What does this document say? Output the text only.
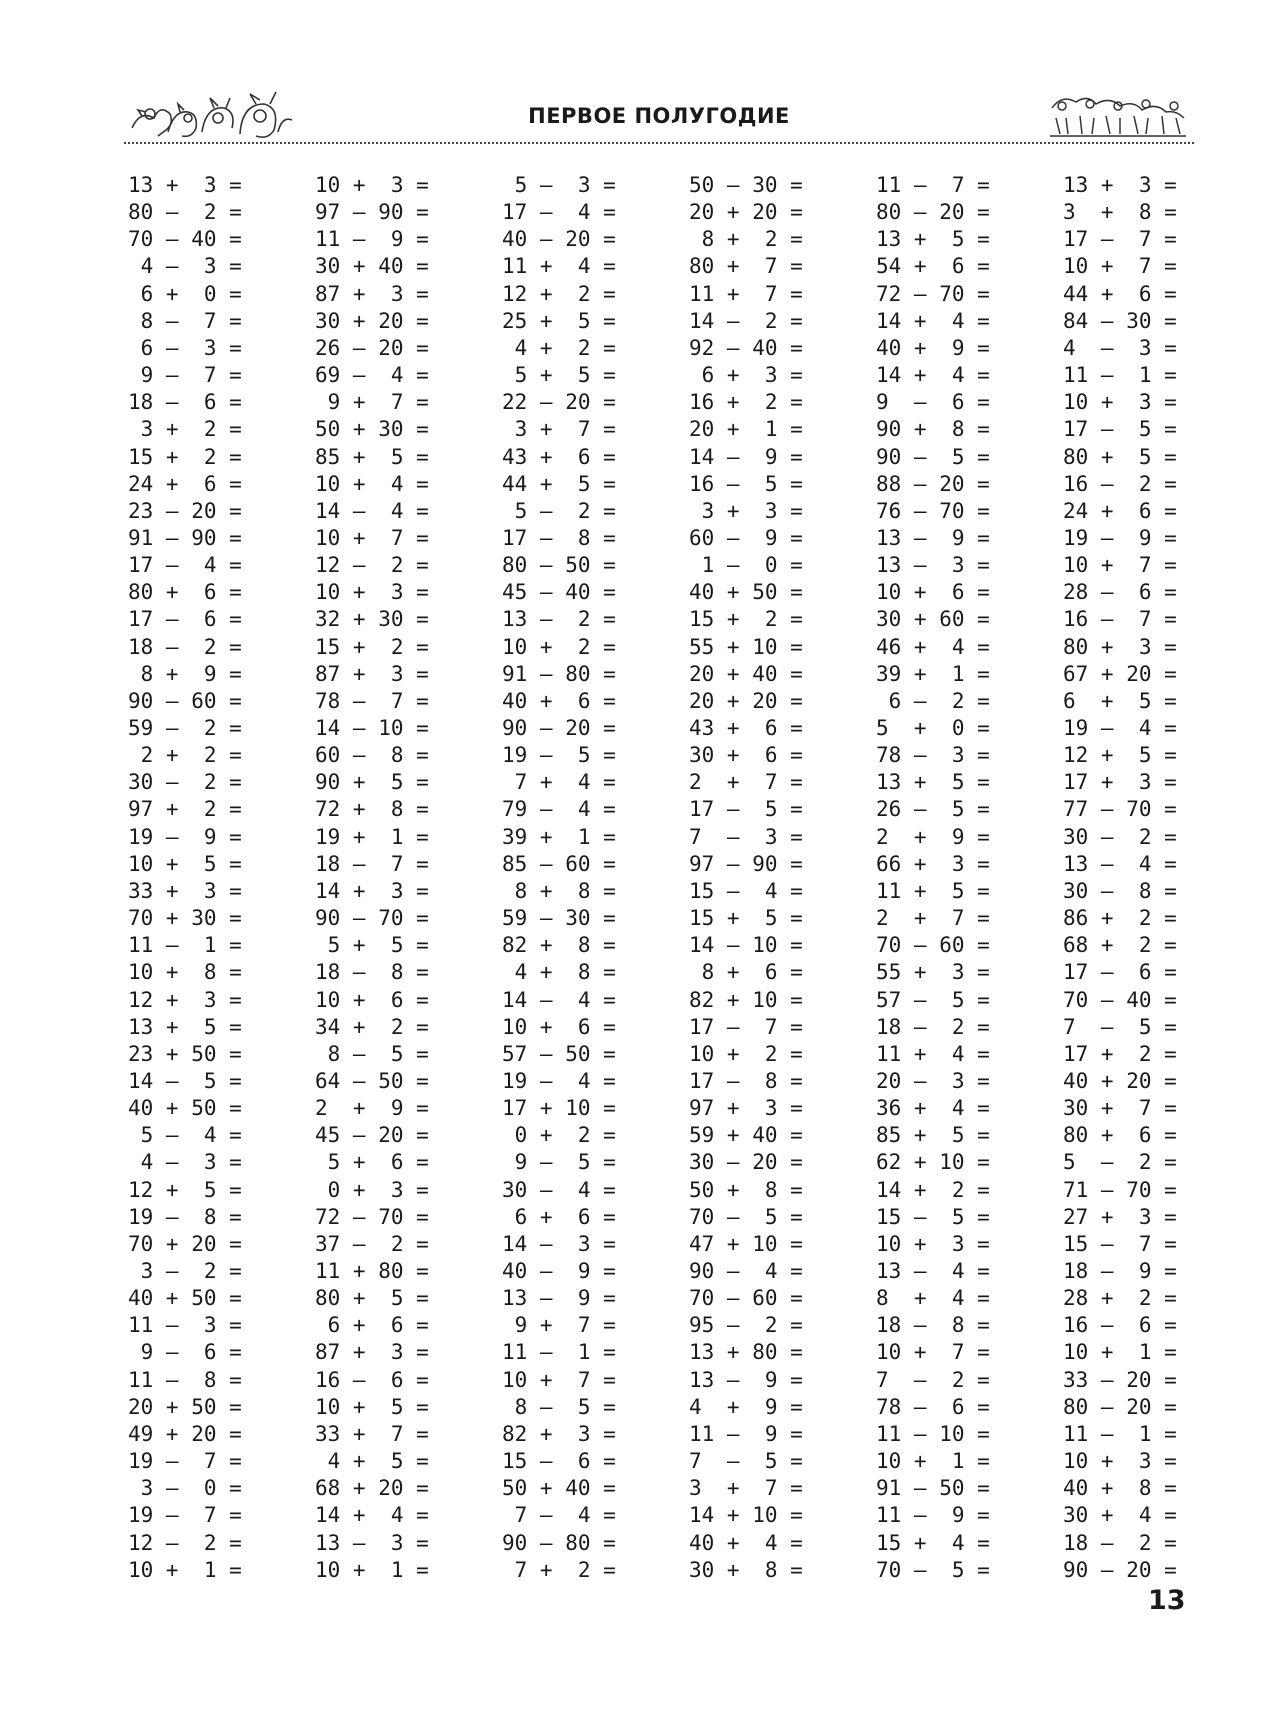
ПЕРВОЕ ПОЛУГОДИЕ
13 +  3 =
80 –  2 =
70 – 40 =
4 –  3 =
6 +  0 =
8 –  7 =
6 –  3 =
9 –  7 =
18 –  6 =
3 +  2 =
15 +  2 =
24 +  6 =
23 – 20 =
91 – 90 =
17 –  4 =
80 +  6 =
17 –  6 =
18 –  2 =
8 +  9 =
90 – 60 =
59 –  2 =
2 +  2 =
30 –  2 =
97 +  2 =
19 –  9 =
10 +  5 =
33 +  3 =
70 + 30 =
11 –  1 =
10 +  8 =
12 +  3 =
13 +  5 =
23 + 50 =
14 –  5 =
40 + 50 =
5 –  4 =
4 –  3 =
12 +  5 =
19 –  8 =
70 + 20 =
3 –  2 =
40 + 50 =
11 –  3 =
9 –  6 =
11 –  8 =
20 + 50 =
49 + 20 =
19 –  7 =
3 –  0 =
19 –  7 =
12 –  2 =
10 +  1 =
10 +  3 =
97 – 90 =
11 –  9 =
30 + 40 =
87 +  3 =
30 + 20 =
26 – 20 =
69 –  4 =
9 +  7 =
50 + 30 =
85 +  5 =
10 +  4 =
14 –  4 =
10 +  7 =
12 –  2 =
10 +  3 =
32 + 30 =
15 +  2 =
87 +  3 =
78 –  7 =
14 – 10 =
60 –  8 =
90 +  5 =
72 +  8 =
19 +  1 =
18 –  7 =
14 +  3 =
90 – 70 =
5 +  5 =
18 –  8 =
10 +  6 =
34 +  2 =
8 –  5 =
64 – 50 =
2  +  9 =
45 – 20 =
5 +  6 =
0 +  3 =
72 – 70 =
37 –  2 =
11 + 80 =
80 +  5 =
6 +  6 =
87 +  3 =
16 –  6 =
10 +  5 =
33 +  7 =
4 +  5 =
68 + 20 =
14 +  4 =
13 –  3 =
10 +  1 =
5 –  3 =
17 –  4 =
40 – 20 =
11 +  4 =
12 +  2 =
25 +  5 =
4 +  2 =
5 +  5 =
22 – 20 =
3 +  7 =
43 +  6 =
44 +  5 =
5 –  2 =
17 –  8 =
80 – 50 =
45 – 40 =
13 –  2 =
10 +  2 =
91 – 80 =
40 +  6 =
90 – 20 =
19 –  5 =
7 +  4 =
79 –  4 =
39 +  1 =
85 – 60 =
8 +  8 =
59 – 30 =
82 +  8 =
4 +  8 =
14 –  4 =
10 +  6 =
57 – 50 =
19 –  4 =
17 + 10 =
0 +  2 =
9 –  5 =
30 –  4 =
6 +  6 =
14 –  3 =
40 –  9 =
13 –  9 =
9 +  7 =
11 –  1 =
10 +  7 =
8 –  5 =
82 +  3 =
15 –  6 =
50 + 40 =
7 –  4 =
90 – 80 =
7 +  2 =
50 – 30 =
20 + 20 =
8 +  2 =
80 +  7 =
11 +  7 =
14 –  2 =
92 – 40 =
6 +  3 =
16 +  2 =
20 +  1 =
14 –  9 =
16 –  5 =
3 +  3 =
60 –  9 =
1 –  0 =
40 + 50 =
15 +  2 =
55 + 10 =
20 + 40 =
20 + 20 =
43 +  6 =
30 +  6 =
2  +  7 =
17 –  5 =
7  –  3 =
97 – 90 =
15 –  4 =
15 +  5 =
14 – 10 =
8 +  6 =
82 + 10 =
17 –  7 =
10 +  2 =
17 –  8 =
97 +  3 =
59 + 40 =
30 – 20 =
50 +  8 =
70 –  5 =
47 + 10 =
90 –  4 =
70 – 60 =
95 –  2 =
13 + 80 =
13 –  9 =
4  +  9 =
11 –  9 =
7  –  5 =
3  +  7 =
14 + 10 =
40 +  4 =
30 +  8 =
11 –  7 =
80 – 20 =
13 +  5 =
54 +  6 =
72 – 70 =
14 +  4 =
40 +  9 =
14 +  4 =
9  –  6 =
90 +  8 =
90 –  5 =
88 – 20 =
76 – 70 =
13 –  9 =
13 –  3 =
10 +  6 =
30 + 60 =
46 +  4 =
39 +  1 =
6 –  2 =
5  +  0 =
78 –  3 =
13 +  5 =
26 –  5 =
2  +  9 =
66 +  3 =
11 +  5 =
2  +  7 =
70 – 60 =
55 +  3 =
57 –  5 =
18 –  2 =
11 +  4 =
20 –  3 =
36 +  4 =
85 +  5 =
62 + 10 =
14 +  2 =
15 –  5 =
10 +  3 =
13 –  4 =
8  +  4 =
18 –  8 =
10 +  7 =
7  –  2 =
78 –  6 =
11 – 10 =
10 +  1 =
91 – 50 =
11 –  9 =
15 +  4 =
70 –  5 =
13 +  3 =
3  +  8 =
17 –  7 =
10 +  7 =
44 +  6 =
84 – 30 =
4  –  3 =
11 –  1 =
10 +  3 =
17 –  5 =
80 +  5 =
16 –  2 =
24 +  6 =
19 –  9 =
10 +  7 =
28 –  6 =
16 –  7 =
80 +  3 =
67 + 20 =
6  +  5 =
19 –  4 =
12 +  5 =
17 +  3 =
77 – 70 =
30 –  2 =
13 –  4 =
30 –  8 =
86 +  2 =
68 +  2 =
17 –  6 =
70 – 40 =
7  –  5 =
17 +  2 =
40 + 20 =
30 +  7 =
80 +  6 =
5  –  2 =
71 – 70 =
27 +  3 =
15 –  7 =
18 –  9 =
28 +  2 =
16 –  6 =
10 +  1 =
33 – 20 =
80 – 20 =
11 –  1 =
10 +  3 =
40 +  8 =
30 +  4 =
18 –  2 =
90 – 20 =
13
